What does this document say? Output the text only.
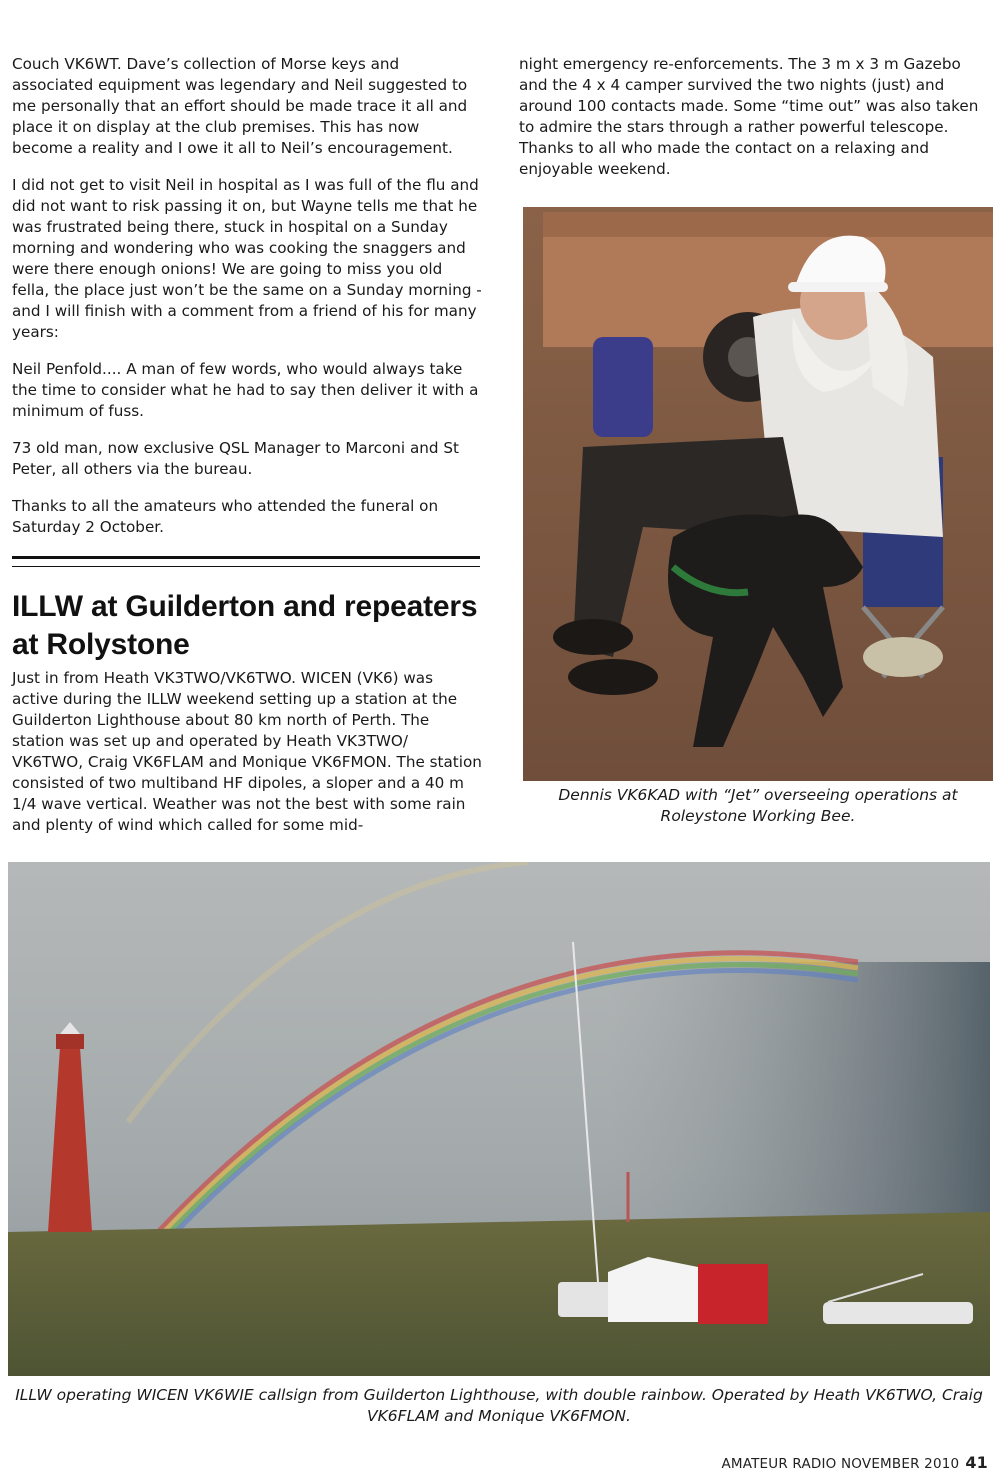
Couch VK6WT. Dave’s collection of Morse keys and associated equipment was legendary and Neil suggested to me personally that an effort should be made trace it all and place it on display at the club premises. This has now become a reality and I owe it all to Neil’s encouragement.

I did not get to visit Neil in hospital as I was full of the flu and did not want to risk passing it on, but Wayne tells me that he was frustrated being there, stuck in hospital on a Sunday morning and wondering who was cooking the snaggers and were there enough onions! We are going to miss you old fella, the place just won’t be the same on a Sunday morning - and I will finish with a comment from a friend of his for many years:

Neil Penfold.... A man of few words, who would always take the time to consider what he had to say then deliver it with a minimum of fuss.

73 old man, now exclusive QSL Manager to Marconi and St Peter, all others via the bureau.

Thanks to all the amateurs who attended the funeral on Saturday 2 October.

ILLW at Guilderton and repeaters at Rolystone

Just in from Heath VK3TWO/VK6TWO. WICEN (VK6) was active during the ILLW weekend setting up a station at the Guilderton Lighthouse about 80 km north of Perth. The station was set up and operated by Heath VK3TWO/ VK6TWO, Craig VK6FLAM and Monique VK6FMON. The station consisted of two multiband HF dipoles, a sloper and a 40 m 1/4 wave vertical. Weather was not the best with some rain and plenty of wind which called for some mid-

night emergency re-enforcements. The 3 m x 3 m Gazebo and the 4 x 4 camper survived the two nights (just) and around 100 contacts made. Some “time out” was also taken to admire the stars through a rather powerful telescope. Thanks to all who made the contact on a relaxing and enjoyable weekend.

Dennis VK6KAD with “Jet” overseeing operations at Roleystone Working Bee.
ILLW operating WICEN VK6WIE callsign from Guilderton Lighthouse, with double rainbow. Operated by Heath VK6TWO, Craig VK6FLAM and Monique VK6FMON.
AMATEUR RADIO NOVEMBER 2010 41
